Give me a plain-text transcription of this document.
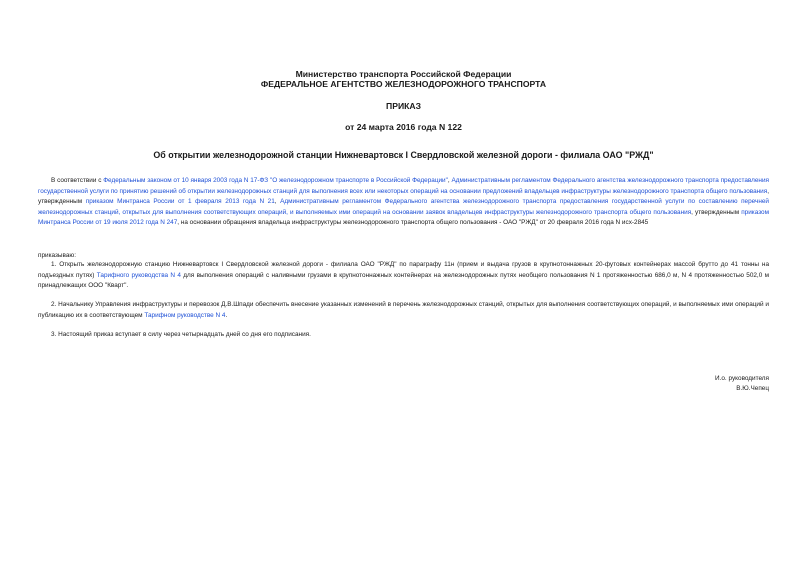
Министерство транспорта Российской Федерации
ФЕДЕРАЛЬНОЕ АГЕНТСТВО ЖЕЛЕЗНОДОРОЖНОГО ТРАНСПОРТА
ПРИКАЗ
от 24 марта 2016 года N 122
Об открытии железнодорожной станции Нижневартовск I Свердловской железной дороги - филиала ОАО "РЖД"
В соответствии с Федеральным законом от 10 января 2003 года N 17-ФЗ "О железнодорожном транспорте в Российской Федерации", Административным регламентом Федерального агентства железнодорожного транспорта предоставления государственной услуги по принятию решений об открытии железнодорожных станций для выполнения всех или некоторых операций на основании предложений владельцев инфраструктуры железнодорожного транспорта общего пользования, утвержденным приказом Минтранса России от 1 февраля 2013 года N 21, Административным регламентом Федерального агентства железнодорожного транспорта предоставления государственной услуги по составлению перечней железнодорожных станций, открытых для выполнения соответствующих операций, и выполняемых ими операций на основании заявок владельцев инфраструктуры железнодорожного транспорта общего пользования, утвержденным приказом Минтранса России от 19 июля 2012 года N 247, на основании обращения владельца инфраструктуры железнодорожного транспорта общего пользования - ОАО "РЖД" от 20 февраля 2016 года N исх-2845
приказываю:
1. Открыть железнодорожную станцию Нижневартовск I Свердловской железной дороги - филиала ОАО "РЖД" по параграфу 11н (прием и выдача грузов в крупнотоннажных 20-футовых контейнерах массой брутто до 41 тонны на подъездных путях) Тарифного руководства N 4 для выполнения операций с наливными грузами в крупнотоннажных контейнерах на железнодорожных путях необщего пользования N 1 протяженностью 686,0 м, N 4 протяженностью 502,0 м принадлежащих ООО "Кварт".
2. Начальнику Управления инфраструктуры и перевозок Д.В.Шпади обеспечить внесение указанных изменений в перечень железнодорожных станций, открытых для выполнения соответствующих операций, и выполняемых ими операций и публикацию их в соответствующем Тарифном руководстве N 4.
3. Настоящий приказ вступает в силу через четырнадцать дней со дня его подписания.
И.о. руководителя
В.Ю.Чепец
